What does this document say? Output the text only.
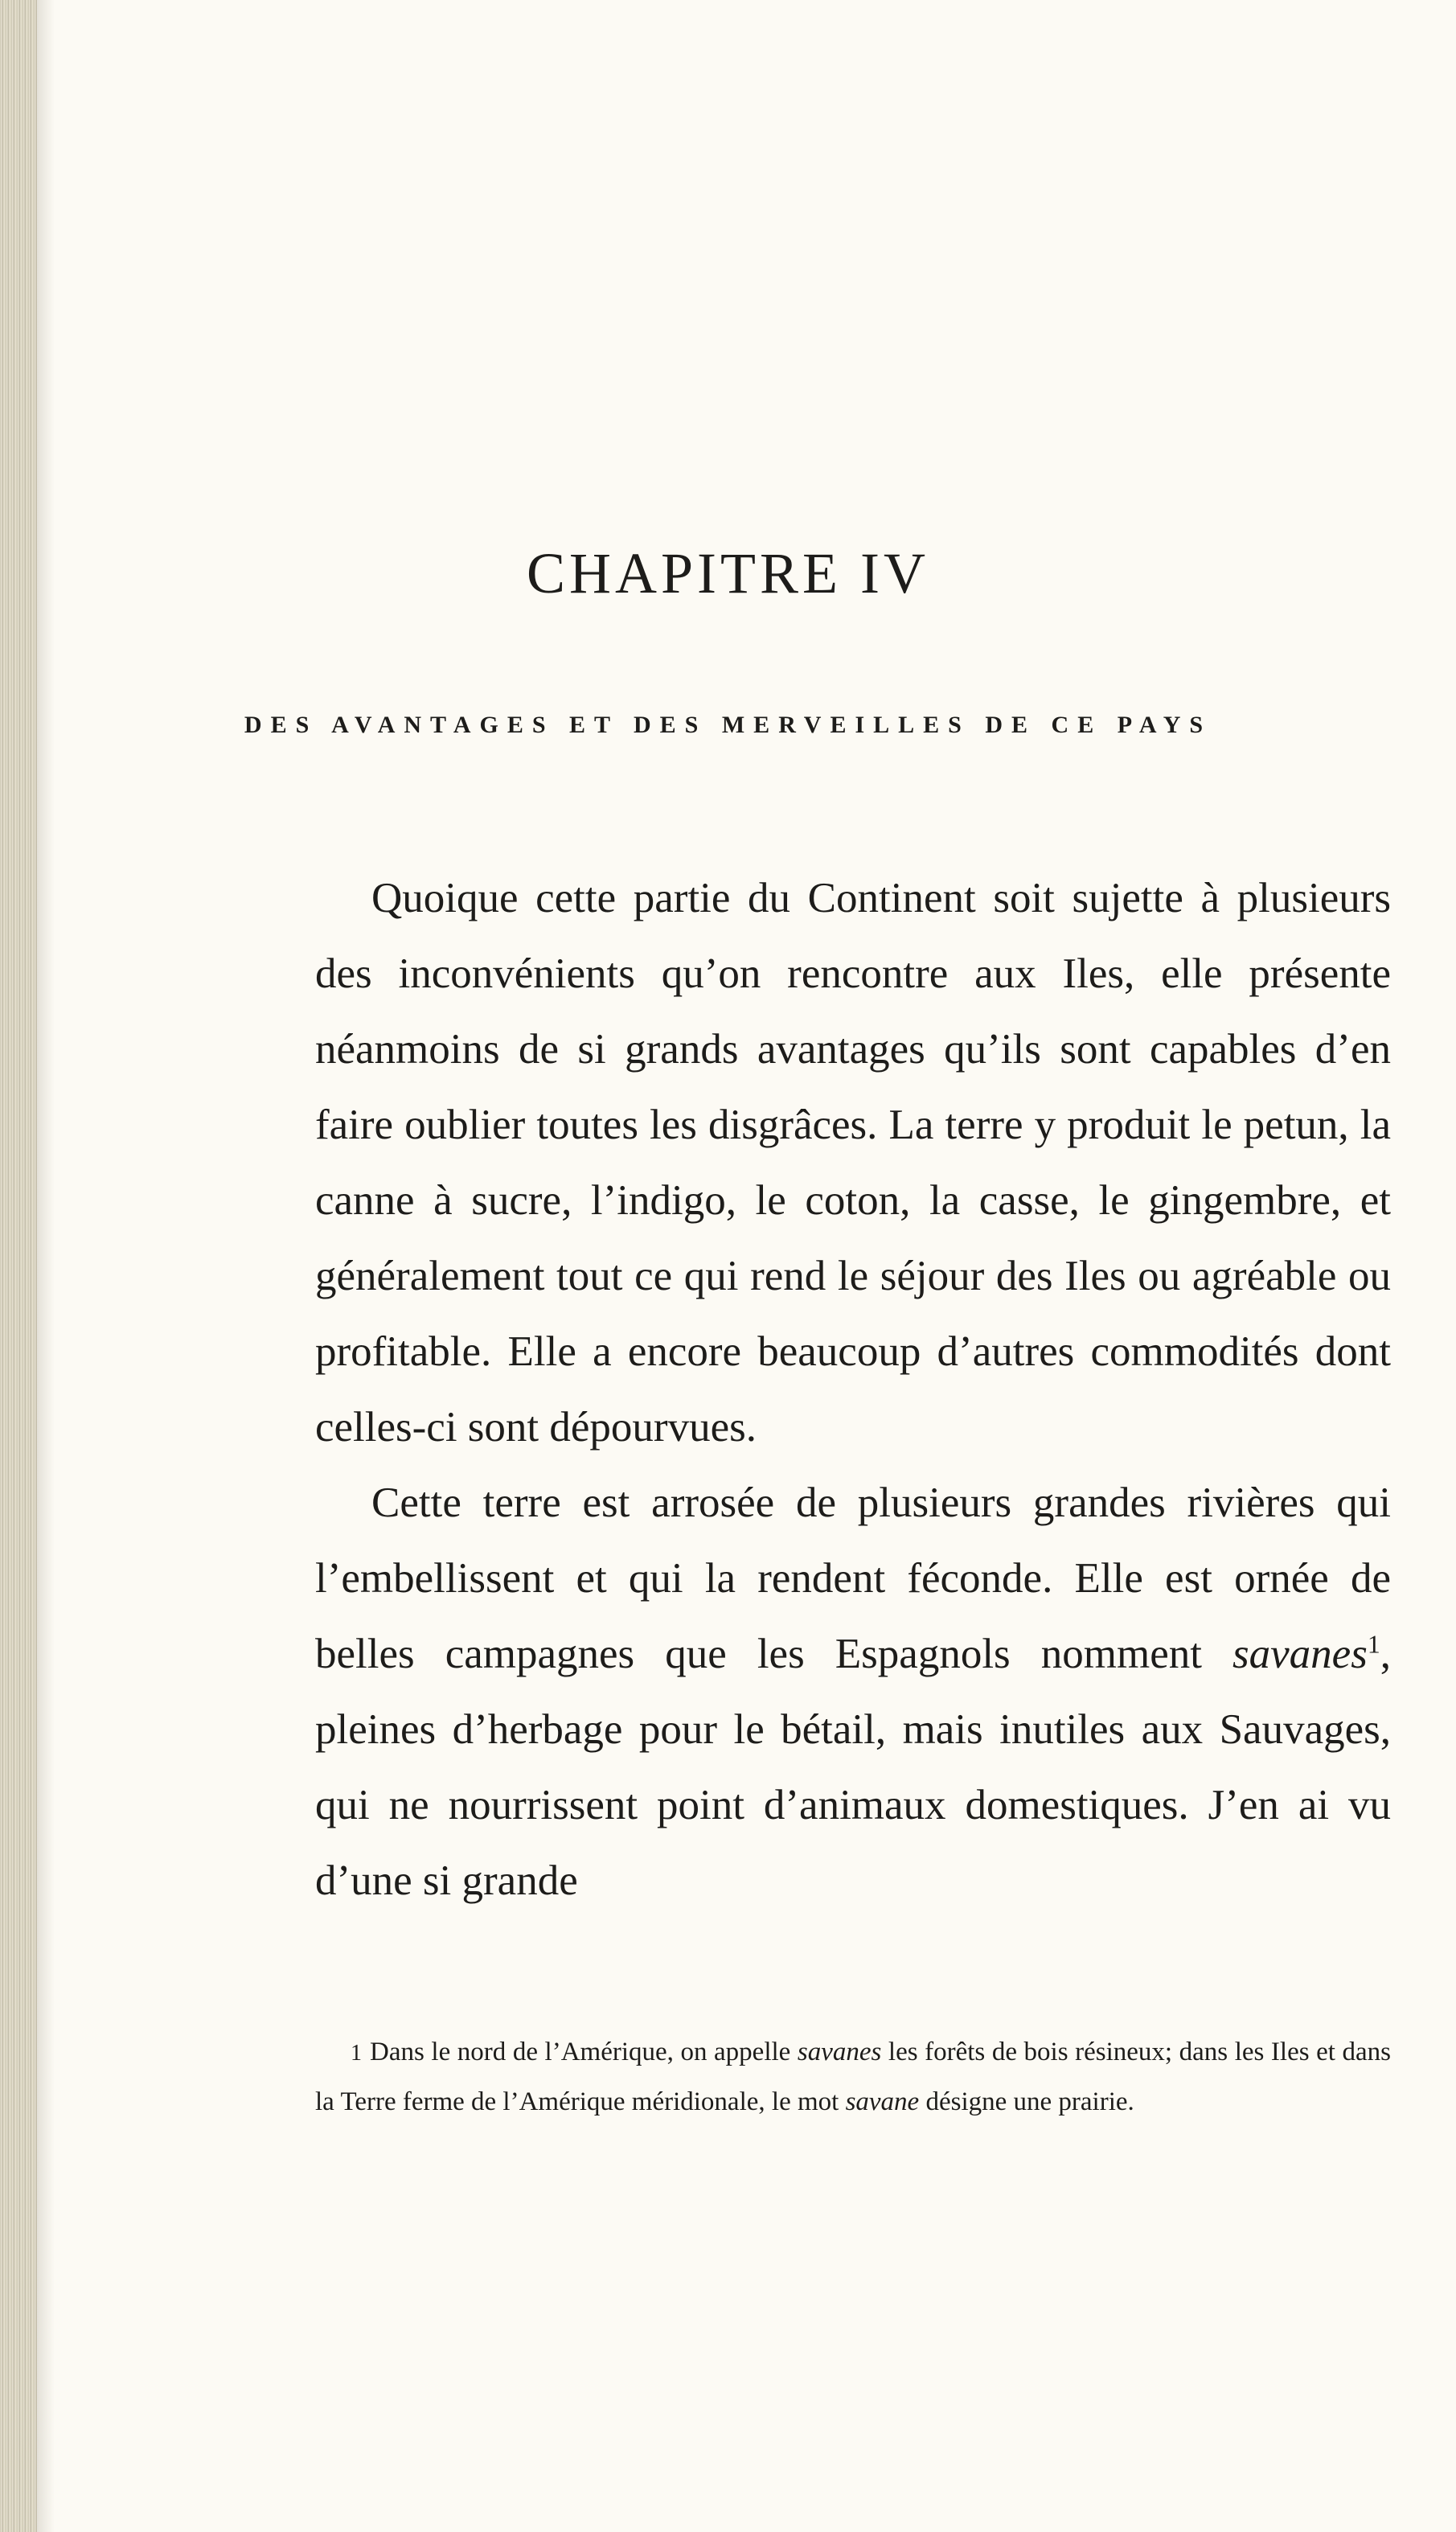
CHAPITRE IV
DES AVANTAGES ET DES MERVEILLES DE CE PAYS

Quoique cette partie du Continent soit sujette à plusieurs des inconvénients qu’on rencontre aux Iles, elle présente néanmoins de si grands avantages qu’ils sont capables d’en faire oublier toutes les disgrâces. La terre y produit le petun, la canne à sucre, l’indigo, le coton, la casse, le gingembre, et généralement tout ce qui rend le séjour des Iles ou agréable ou profitable. Elle a encore beaucoup d’autres commodités dont celles-ci sont dépourvues.

Cette terre est arrosée de plusieurs grandes rivières qui l’embellissent et qui la rendent féconde. Elle est ornée de belles campagnes que les Espagnols nomment savanes$^1$, pleines d’herbage pour le bétail, mais inutiles aux Sauvages, qui ne nourrissent point d’animaux domestiques. J’en ai vu d’une si grande

1 Dans le nord de l’Amérique, on appelle savanes les forêts de bois résineux; dans les Iles et dans la Terre ferme de l’Amérique méridionale, le mot savane désigne une prairie.
